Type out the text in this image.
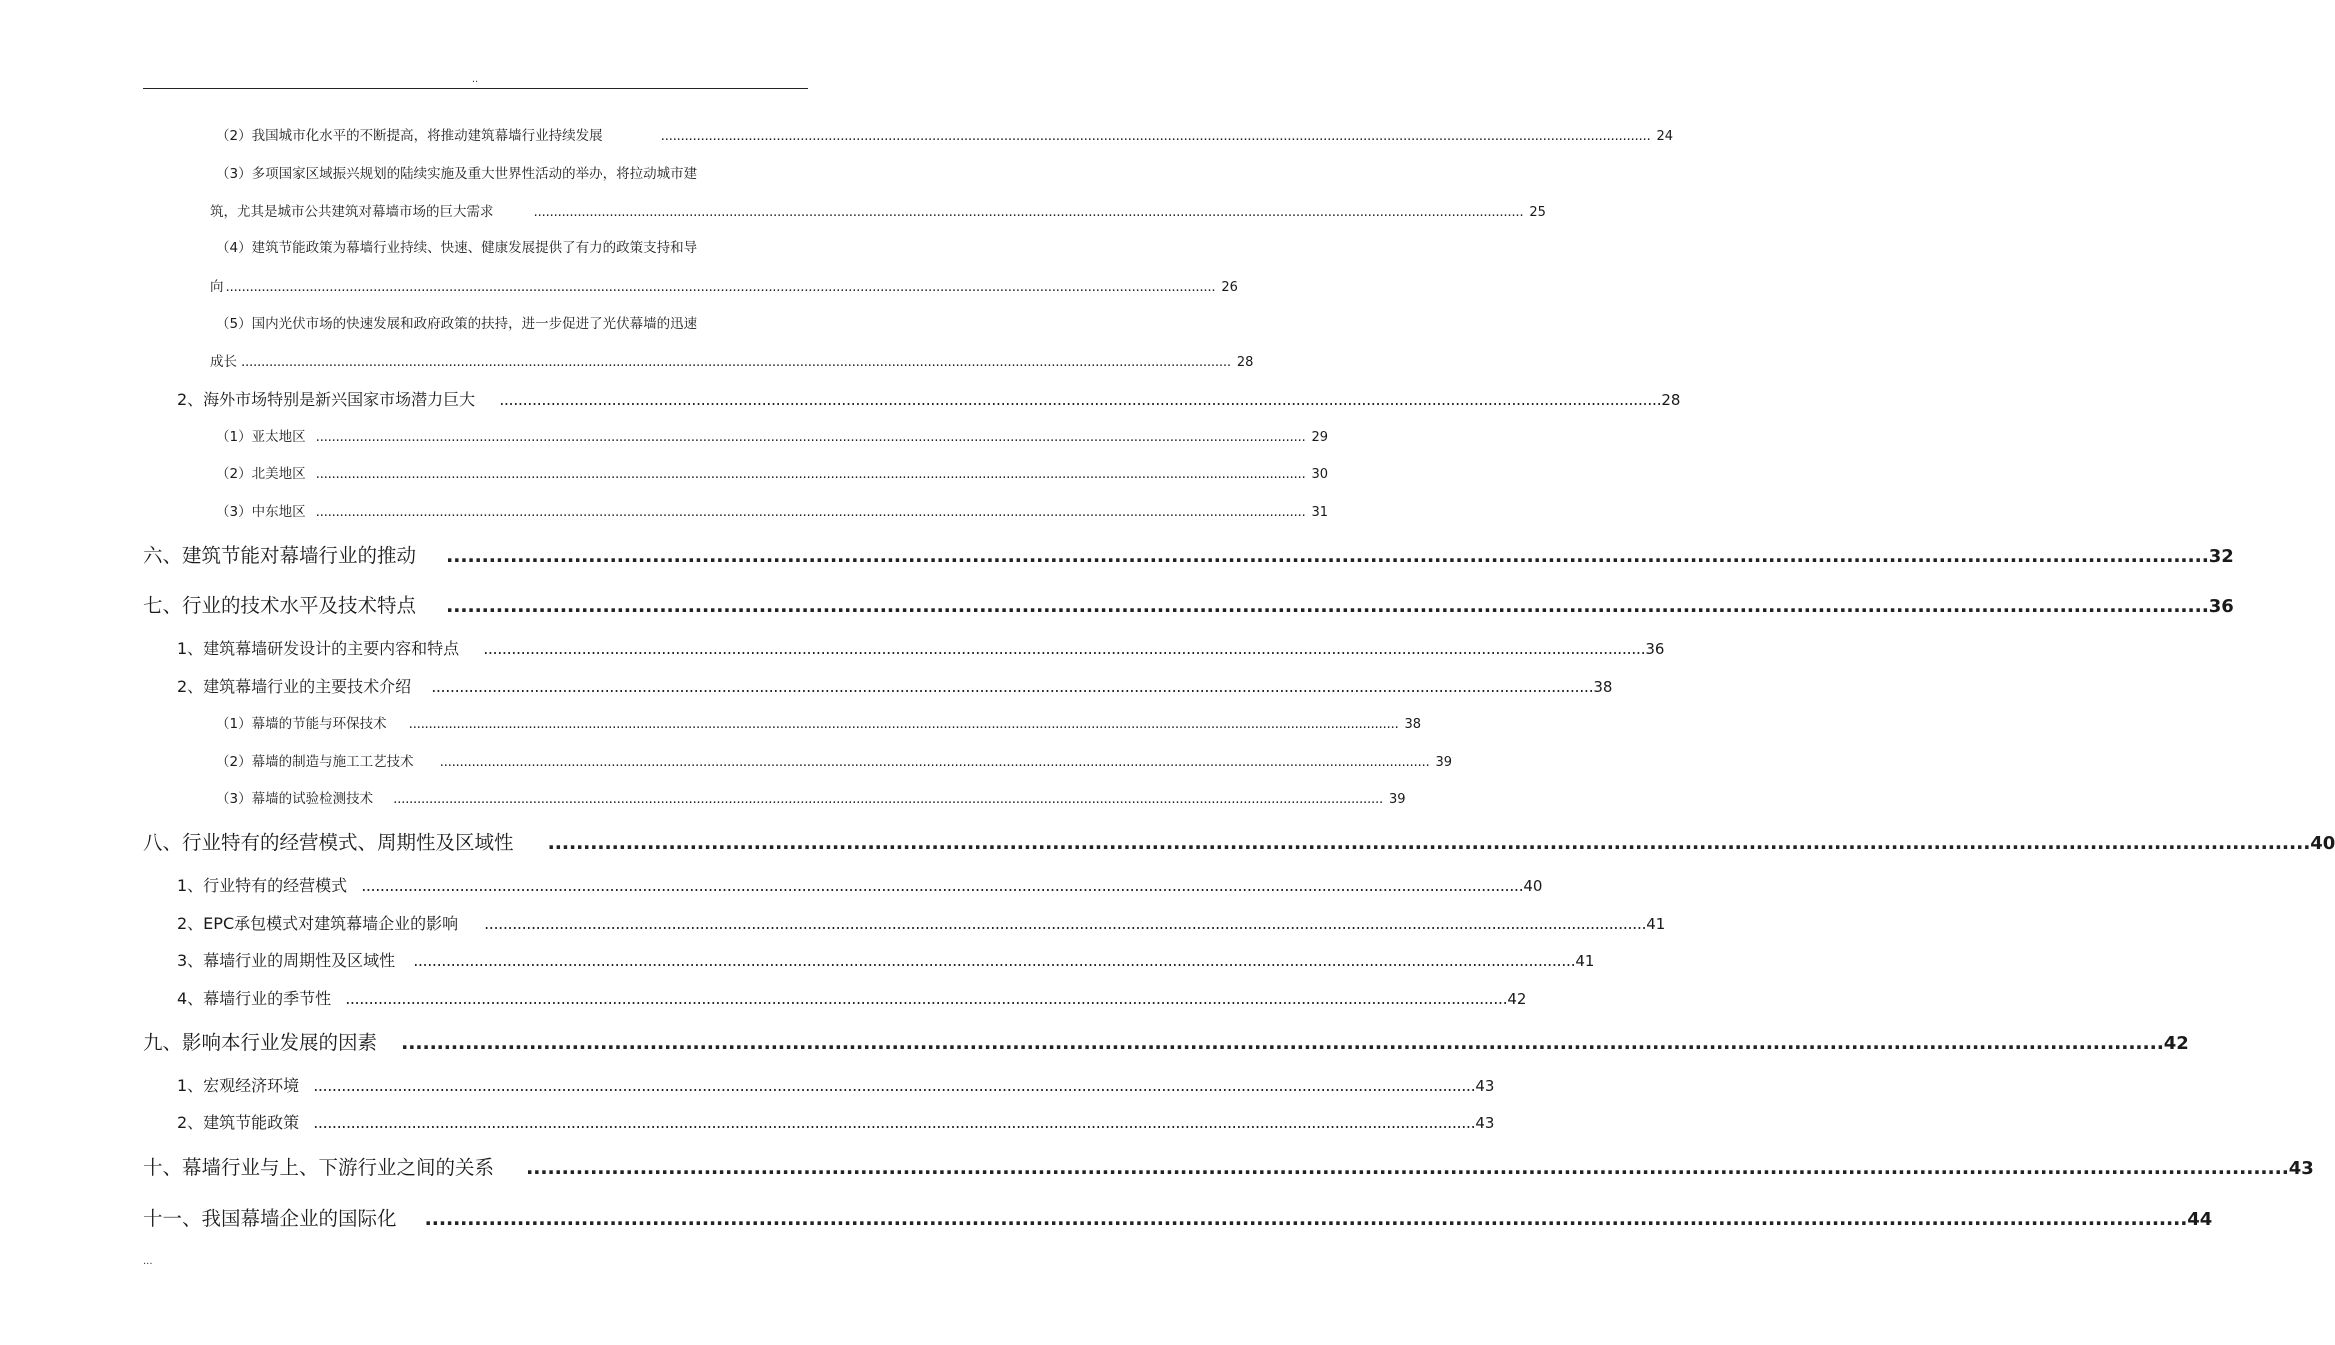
..
（2）我国城市化水平的不断提高，将推动建筑幕墙行业持续发展	........................................................................................................................................................................................................................................................ 24
（3）多项国家区域振兴规划的陆续实施及重大世界性活动的举办，将拉动城市建
筑，尤其是城市公共建筑对幕墙市场的巨大需求	........................................................................................................................................................................................................................................................ 25
（4）建筑节能政策为幕墙行业持续、快速、健康发展提供了有力的政策支持和导
向 ........................................................................................................................................................................................................................................................ 26
（5）国内光伏市场的快速发展和政府政策的扶持，进一步促进了光伏幕墙的迅速
成长 ........................................................................................................................................................................................................................................................ 28
2、海外市场特别是新兴国家市场潜力巨大 ........................................................................................................................................................................................................................................................ 28
（1）亚太地区 ........................................................................................................................................................................................................................................................ 29
（2）北美地区 ........................................................................................................................................................................................................................................................ 30
（3）中东地区 ........................................................................................................................................................................................................................................................ 31
六、建筑节能对幕墙行业的推动 ........................................................................................................................................................................................................................................................ 32
七、行业的技术水平及技术特点 ........................................................................................................................................................................................................................................................ 36
1、建筑幕墙研发设计的主要内容和特点 ........................................................................................................................................................................................................................................................ 36
2、建筑幕墙行业的主要技术介绍 ........................................................................................................................................................................................................................................................ 38
（1）幕墙的节能与环保技术 ........................................................................................................................................................................................................................................................ 38
（2）幕墙的制造与施工工艺技术 ........................................................................................................................................................................................................................................................ 39
（3）幕墙的试验检测技术 ........................................................................................................................................................................................................................................................ 39
八、行业特有的经营模式、周期性及区域性 ........................................................................................................................................................................................................................................................ 40
1、行业特有的经营模式 ........................................................................................................................................................................................................................................................ 40
2、EPC承包模式对建筑幕墙企业的影响 ........................................................................................................................................................................................................................................................ 41
3、幕墙行业的周期性及区域性 ........................................................................................................................................................................................................................................................ 41
4、幕墙行业的季节性 ........................................................................................................................................................................................................................................................ 42
九、影响本行业发展的因素 ........................................................................................................................................................................................................................................................ 42
1、宏观经济环境 ........................................................................................................................................................................................................................................................ 43
2、建筑节能政策 ........................................................................................................................................................................................................................................................ 43
十、幕墙行业与上、下游行业之间的关系 ........................................................................................................................................................................................................................................................ 43
十一、我国幕墙企业的国际化 ........................................................................................................................................................................................................................................................ 44
...
